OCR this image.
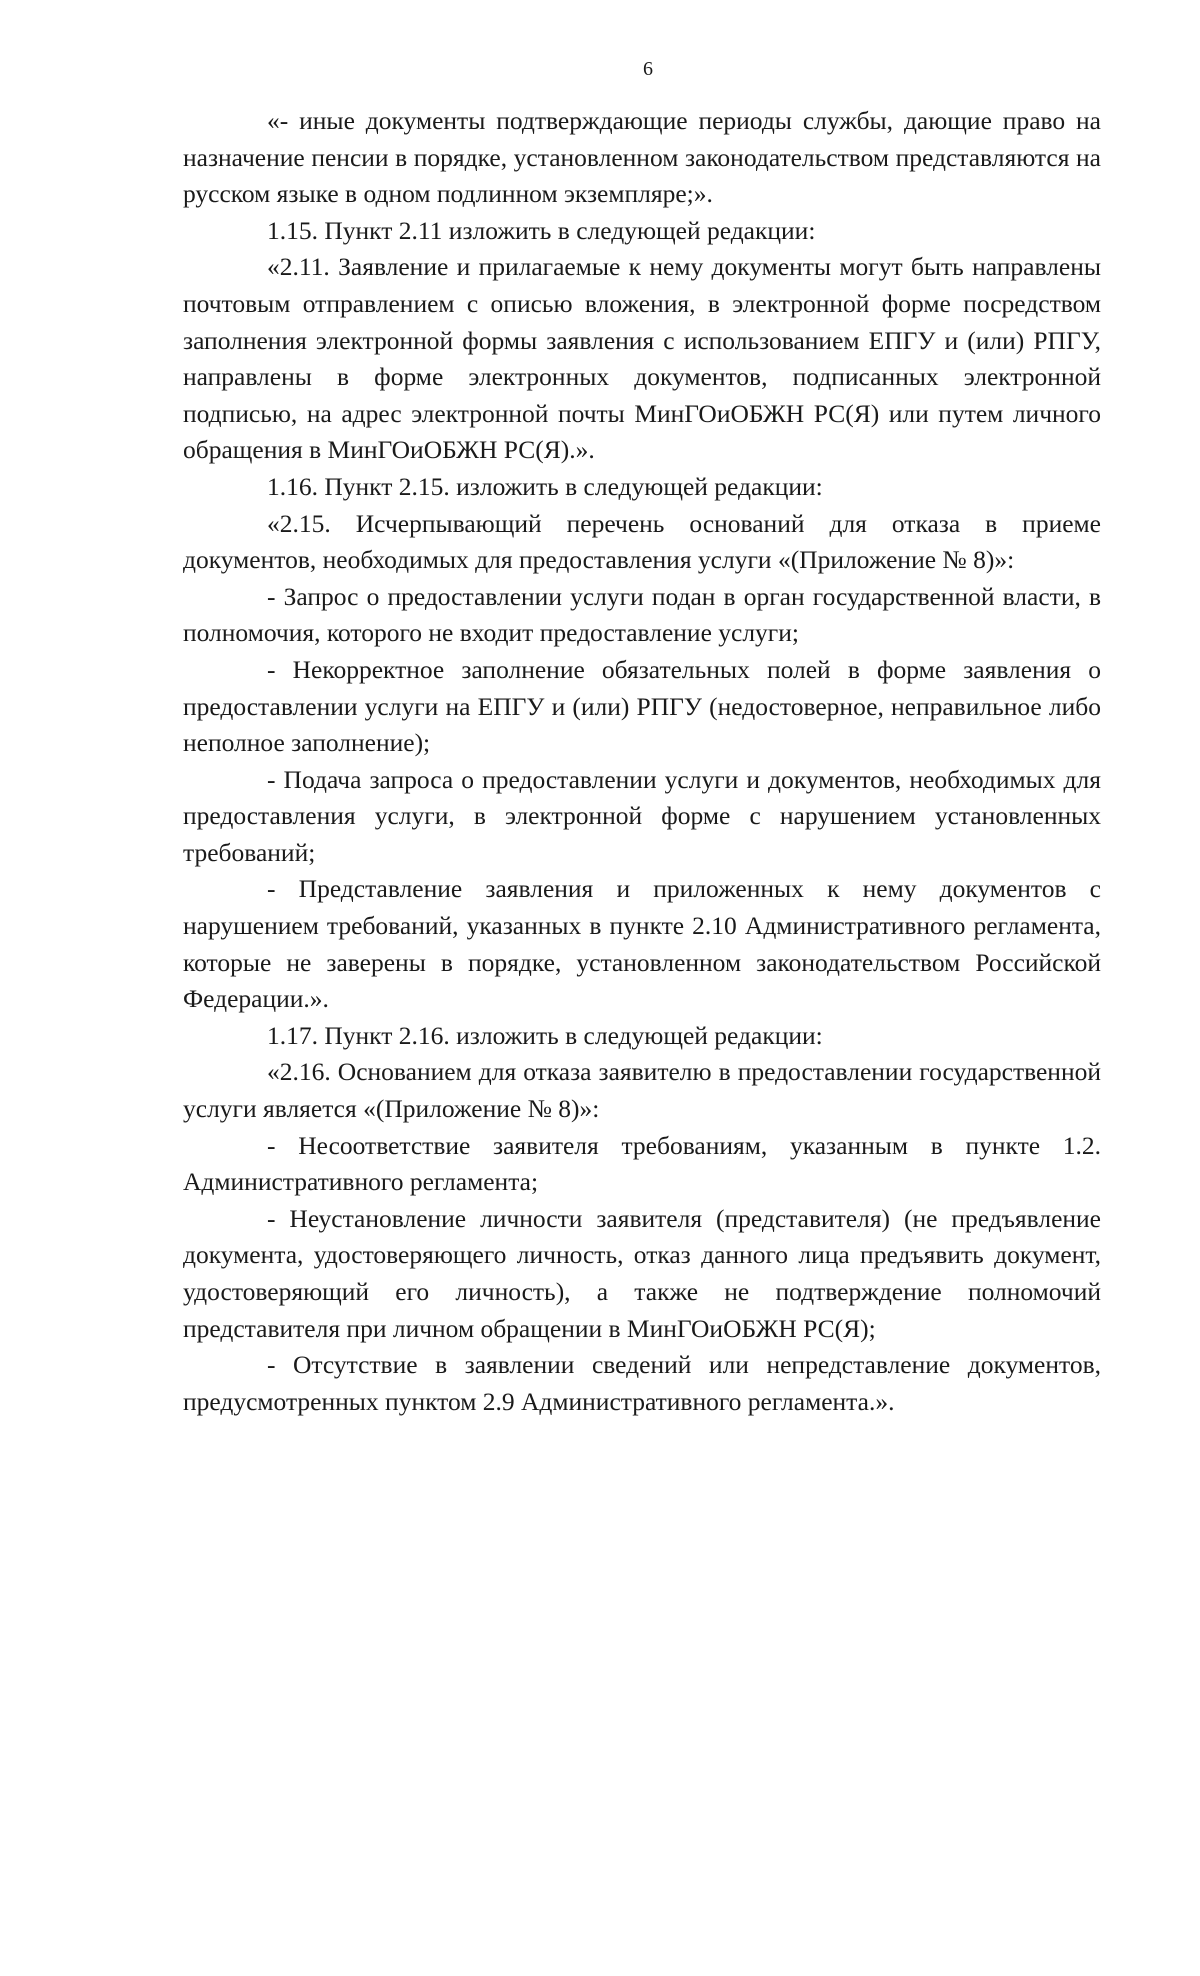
6

«- иные документы подтверждающие периоды службы, дающие право на назначение пенсии в порядке, установленном законодательством представляются на русском языке в одном подлинном экземпляре;».

1.15. Пункт 2.11 изложить в следующей редакции:

«2.11. Заявление и прилагаемые к нему документы могут быть направлены почтовым отправлением с описью вложения, в электронной форме посредством заполнения электронной формы заявления с использованием ЕПГУ и (или) РПГУ, направлены в форме электронных документов, подписанных электронной подписью, на адрес электронной почты МинГОиОБЖН РС(Я) или путем личного обращения в МинГОиОБЖН РС(Я).».

1.16. Пункт 2.15. изложить в следующей редакции:

«2.15. Исчерпывающий перечень оснований для отказа в приеме документов, необходимых для предоставления услуги «(Приложение № 8)»:

- Запрос о предоставлении услуги подан в орган государственной власти, в полномочия, которого не входит предоставление услуги;

- Некорректное заполнение обязательных полей в форме заявления о предоставлении услуги на ЕПГУ и (или) РПГУ (недостоверное, неправильное либо неполное заполнение);

- Подача запроса о предоставлении услуги и документов, необходимых для предоставления услуги, в электронной форме с нарушением установленных требований;

- Представление заявления и приложенных к нему документов с нарушением требований, указанных в пункте 2.10 Административного регламента, которые не заверены в порядке, установленном законодательством Российской Федерации.».

1.17. Пункт 2.16. изложить в следующей редакции:

«2.16. Основанием для отказа заявителю в предоставлении государственной услуги является «(Приложение № 8)»:

- Несоответствие заявителя требованиям, указанным в пункте 1.2. Административного регламента;

- Неустановление личности заявителя (представителя) (не предъявление документа, удостоверяющего личность, отказ данного лица предъявить документ, удостоверяющий его личность), а также не подтверждение полномочий представителя при личном обращении в МинГОиОБЖН РС(Я);

- Отсутствие в заявлении сведений или непредставление документов, предусмотренных пунктом 2.9 Административного регламента.».
